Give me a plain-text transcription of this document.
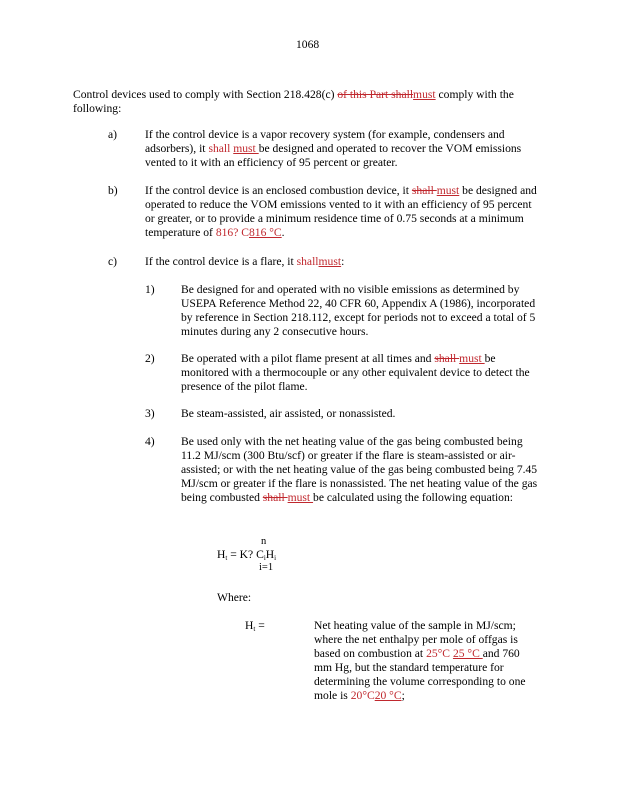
1068
Control devices used to comply with Section 218.428(c) of this Part shallmust comply with the following:
a) If the control device is a vapor recovery system (for example, condensers and adsorbers), it shall must be designed and operated to recover the VOM emissions vented to it with an efficiency of 95 percent or greater.
b) If the control device is an enclosed combustion device, it shall must be designed and operated to reduce the VOM emissions vented to it with an efficiency of 95 percent or greater, or to provide a minimum residence time of 0.75 seconds at a minimum temperature of 816? C816 °C.
c) If the control device is a flare, it shallmust:
1) Be designed for and operated with no visible emissions as determined by USEPA Reference Method 22, 40 CFR 60, Appendix A (1986), incorporated by reference in Section 218.112, except for periods not to exceed a total of 5 minutes during any 2 consecutive hours.
2) Be operated with a pilot flame present at all times and shall must be monitored with a thermocouple or any other equivalent device to detect the presence of the pilot flame.
3) Be steam-assisted, air assisted, or nonassisted.
4) Be used only with the net heating value of the gas being combusted being 11.2 MJ/scm (300 Btu/scf) or greater if the flare is steam-assisted or air-assisted; or with the net heating value of the gas being combusted being 7.45 MJ/scm or greater if the flare is nonassisted. The net heating value of the gas being combusted shall must be calculated using the following equation:
n
$H_t = K$? $C_iH_i$
i=1
Where:
$H_t$ =	Net heating value of the sample in MJ/scm; where the net enthalpy per mole of offgas is based on combustion at 25°C 25 °C and 760 mm Hg, but the standard temperature for determining the volume corresponding to one mole is 20°C20 °C;
